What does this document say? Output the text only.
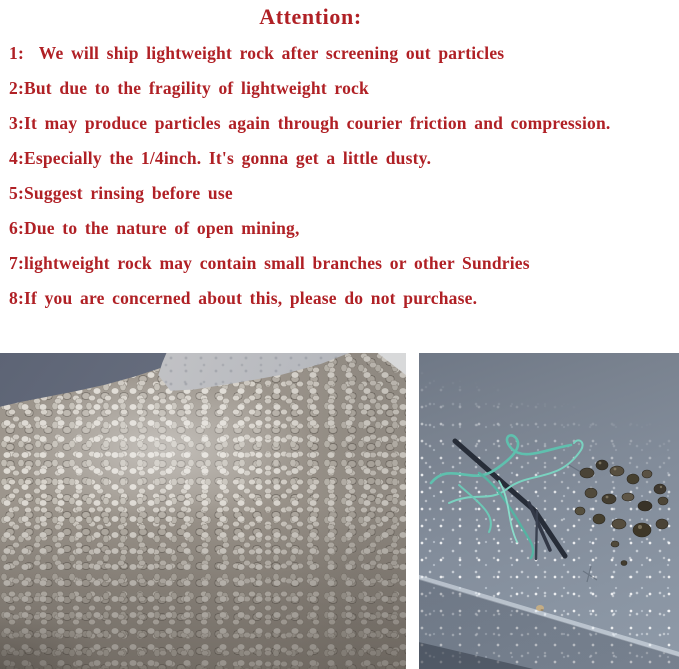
Attention:
1:  We will ship lightweight rock after screening out particles
2:But due to the fragility of lightweight rock
3:It may produce particles again through courier friction and compression.
4:Especially the 1/4inch. It's gonna get a little dusty.
5:Suggest rinsing before use
6:Due to the nature of open mining,
7:lightweight rock may contain small branches or other Sundries
8:If you are concerned about this, please do not purchase.
